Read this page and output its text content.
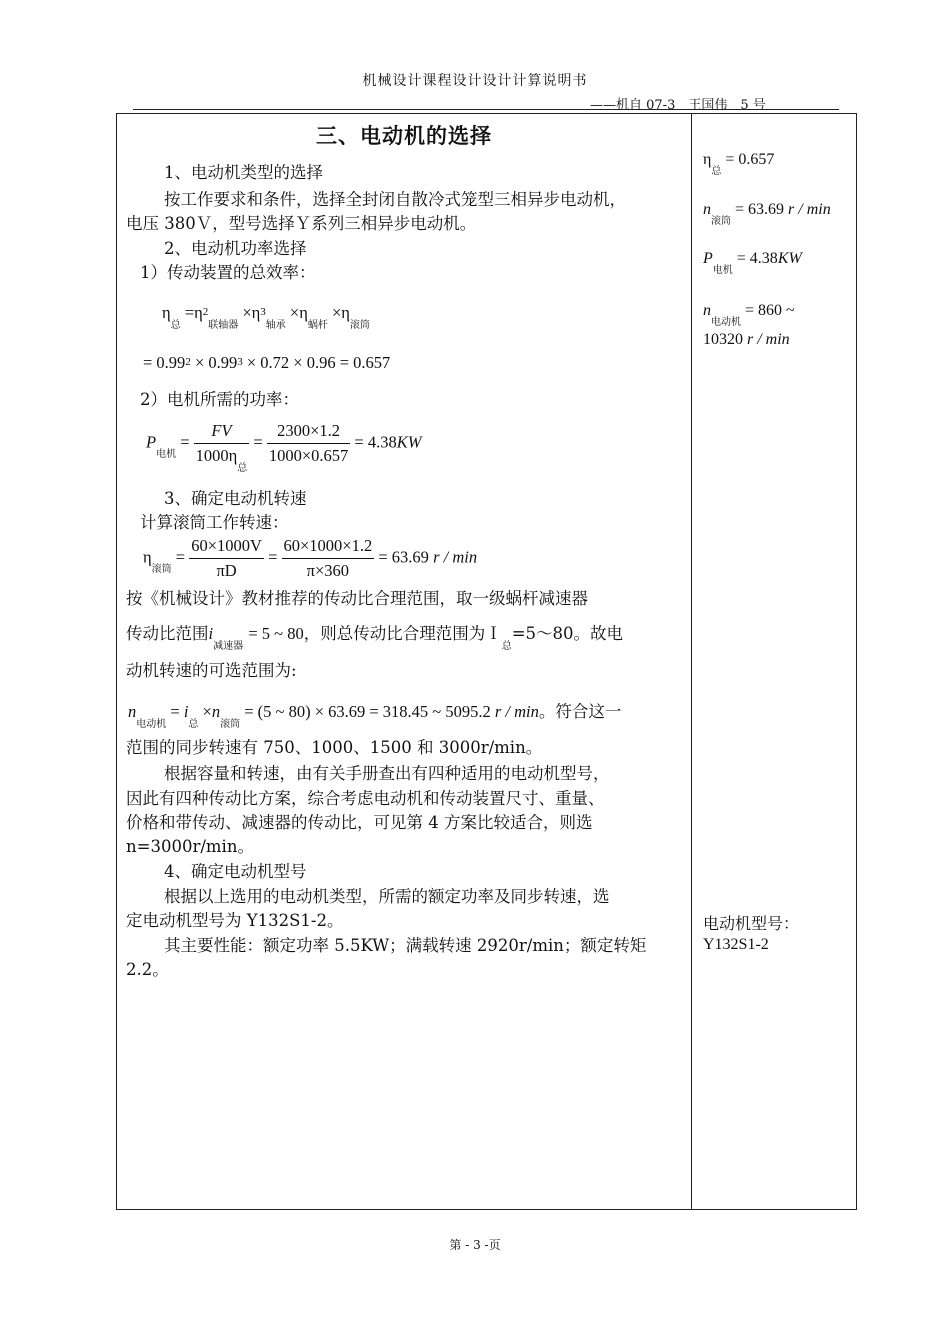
机械设计课程设计设计计算说明书
——机自 07-3　王国伟　5 号
三、电动机的选择
1、电动机类型的选择
按工作要求和条件，选择全封闭自散冷式笼型三相异步电动机，
电压 380Ｖ，型号选择Ｙ系列三相异步电动机。
2、电动机功率选择
1）传动装置的总效率：
$\eta_总 =\eta 2_{联轴器} \times\eta 3_{轴承} \times\eta_{蜗杆} \times\eta_{滚筒}$
= 0.992 × 0.993 × 0.72 × 0.96 = 0.657
2）电机所需的功率：
$P_{电机} = \frac{FV}{1000\eta_总} = \frac{2300\times 1.2}{1000\times 0.657} = 4.38KW$
3、确定电动机转速
计算滚筒工作转速：
$\eta_{滚筒} = \frac{60\times 1000V}{\pi D} = \frac{60\times 1000\times 1.2}{\pi\times 360} = 63.69$ r / min
按《机械设计》教材推荐的传动比合理范围，取一级蜗杆减速器
传动比范围$i_{减速器} = 5$ ~ 80，则总传动比合理范围为Ｉ$_总$=5～80。故电
动机转速的可选范围为:
$n_{电动机} = i_总 \times n_{滚筒} = (5$ ~ 80) × 63.69 = 318.45 ~ 5095.2 r / min。符合这一
范围的同步转速有 750、1000、1500 和 3000r/min。
根据容量和转速，由有关手册查出有四种适用的电动机型号，
因此有四种传动比方案，综合考虑电动机和传动装置尺寸、重量、
价格和带传动、减速器的传动比，可见第 4 方案比较适合，则选
n=3000r/min。
4、确定电动机型号
根据以上选用的电动机类型，所需的额定功率及同步转速，选
定电动机型号为 Y132S1-2。
其主要性能：额定功率 5.5KW；满载转速 2920r/min；额定转矩
2.2。
$\eta_总 = 0.657$
$n_{滚筒} = 63.69$ r / min
$P_{电机} = 4.38KW$
$n_{电动机} = 860$ ~
10320 r / min
电动机型号：
Y132S1-2
第 - 3 -页
